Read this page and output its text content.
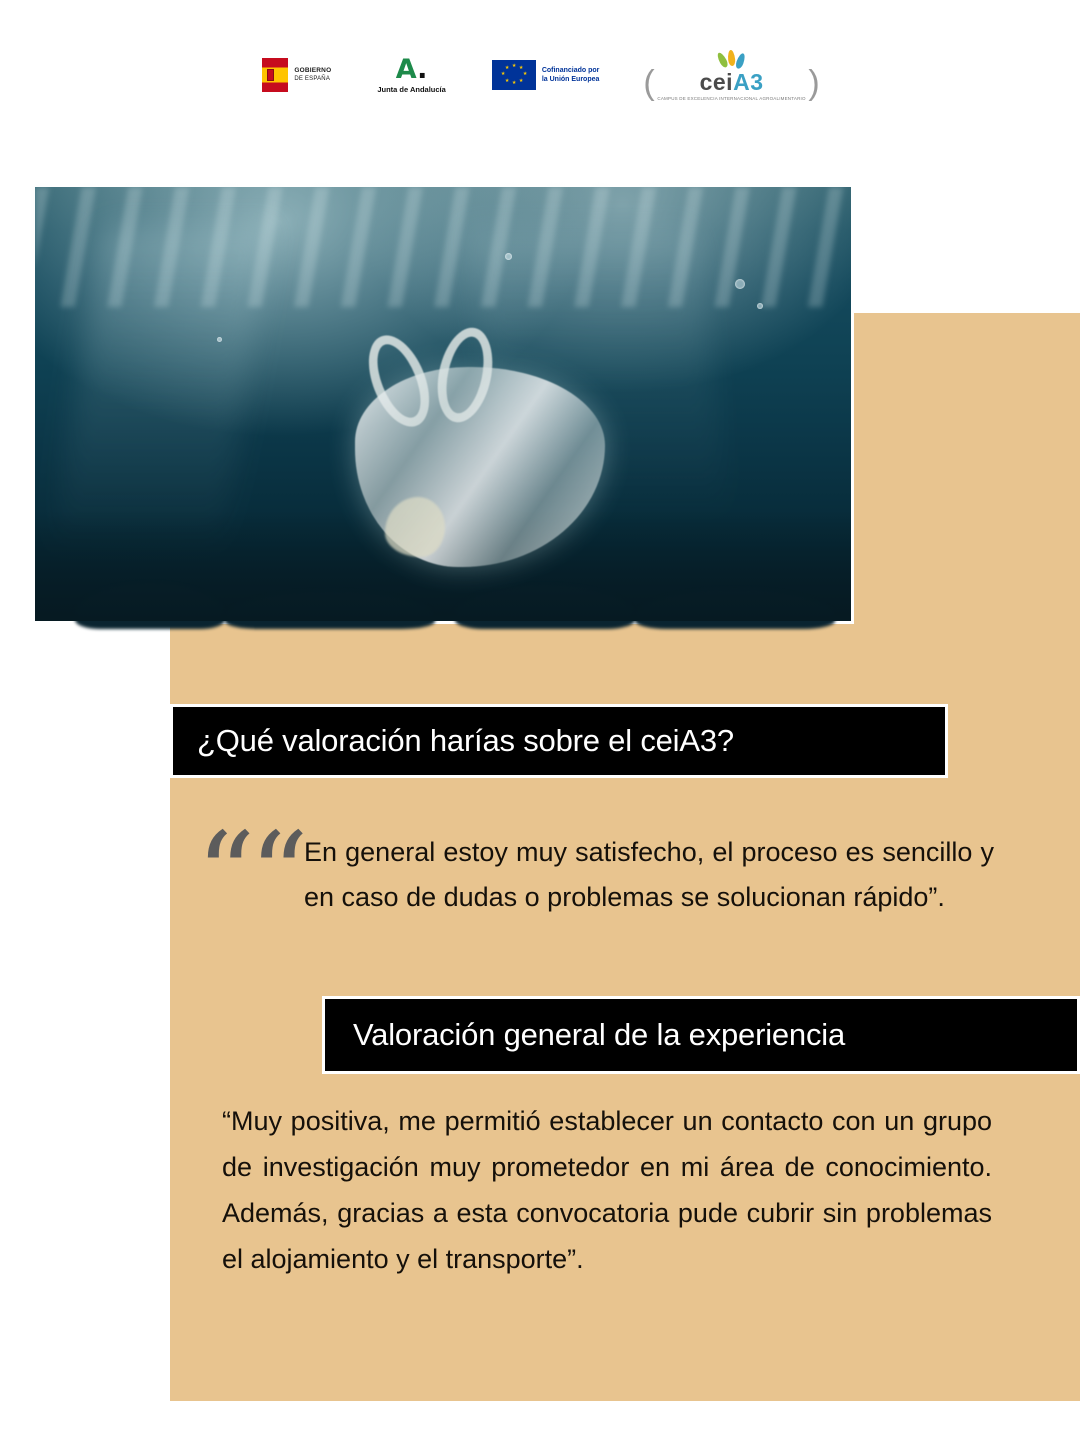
GOBIERNO
DE ESPAÑA A.
Junta de Andalucía
★ ★
★
★
★
★
★
★	Cofinanciado por
la Unión Europea (	)
ceiA3
CAMPUS DE EXCELENCIA INTERNACIONAL AGROALIMENTARIO
¿Qué valoración harías sobre el ceiA3?
““ En general estoy muy satisfecho, el proceso es sencillo y en caso de dudas o problemas se solucionan rápido”.
Valoración general de la experiencia
“Muy positiva, me permitió establecer un contacto con un grupo de investigación muy prometedor en mi área de conocimiento. Además, gracias a esta convocatoria pude cubrir sin problemas el alojamiento y el transporte”.
